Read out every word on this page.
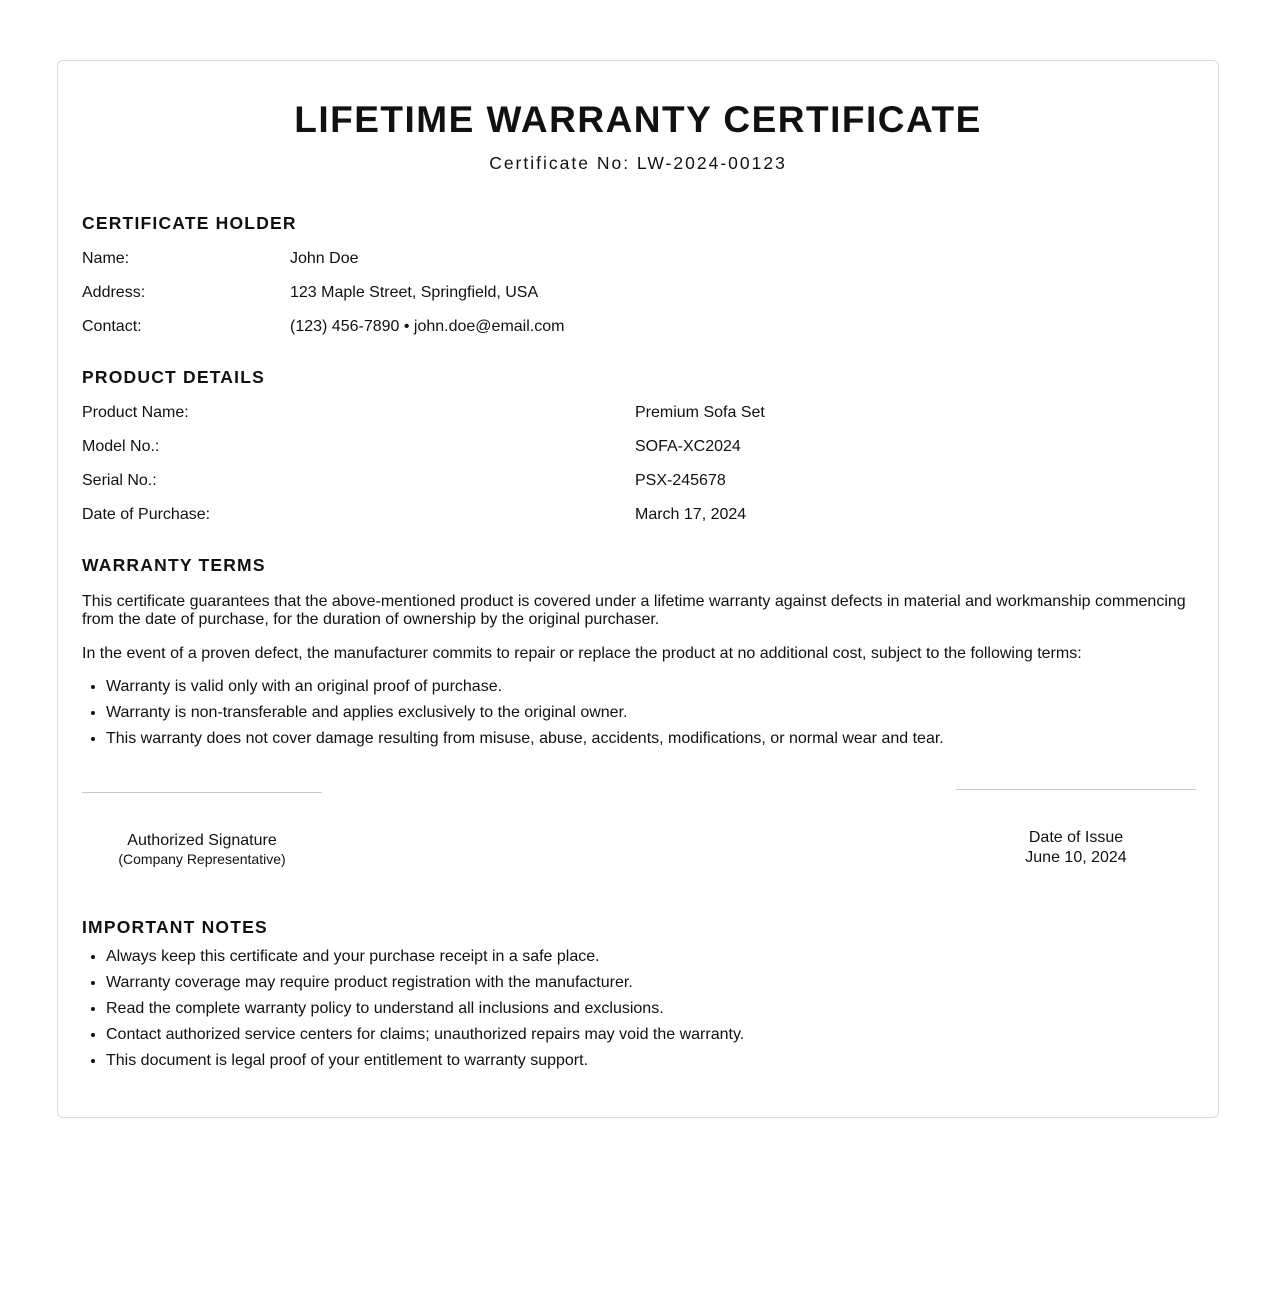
LIFETIME WARRANTY CERTIFICATE
Certificate No: LW-2024-00123
CERTIFICATE HOLDER
Name:	John Doe
Address:	123 Maple Street, Springfield, USA
Contact:	(123) 456-7890 • john.doe@email.com
PRODUCT DETAILS
Product Name:	Premium Sofa Set
Model No.:	SOFA-XC2024
Serial No.:	PSX-245678
Date of Purchase:	March 17, 2024
WARRANTY TERMS

This certificate guarantees that the above-mentioned product is covered under a lifetime warranty against defects in material and workmanship commencing from the date of purchase, for the duration of ownership by the original purchaser.

In the event of a proven defect, the manufacturer commits to repair or replace the product at no additional cost, subject to the following terms:

• Warranty is valid only with an original proof of purchase.
• Warranty is non-transferable and applies exclusively to the original owner.
• This warranty does not cover damage resulting from misuse, abuse, accidents, modifications, or normal wear and tear.
Authorized Signature
(Company Representative)
Date of Issue
June 10, 2024
IMPORTANT NOTES
• Always keep this certificate and your purchase receipt in a safe place.
• Warranty coverage may require product registration with the manufacturer.
• Read the complete warranty policy to understand all inclusions and exclusions.
• Contact authorized service centers for claims; unauthorized repairs may void the warranty.
• This document is legal proof of your entitlement to warranty support.
